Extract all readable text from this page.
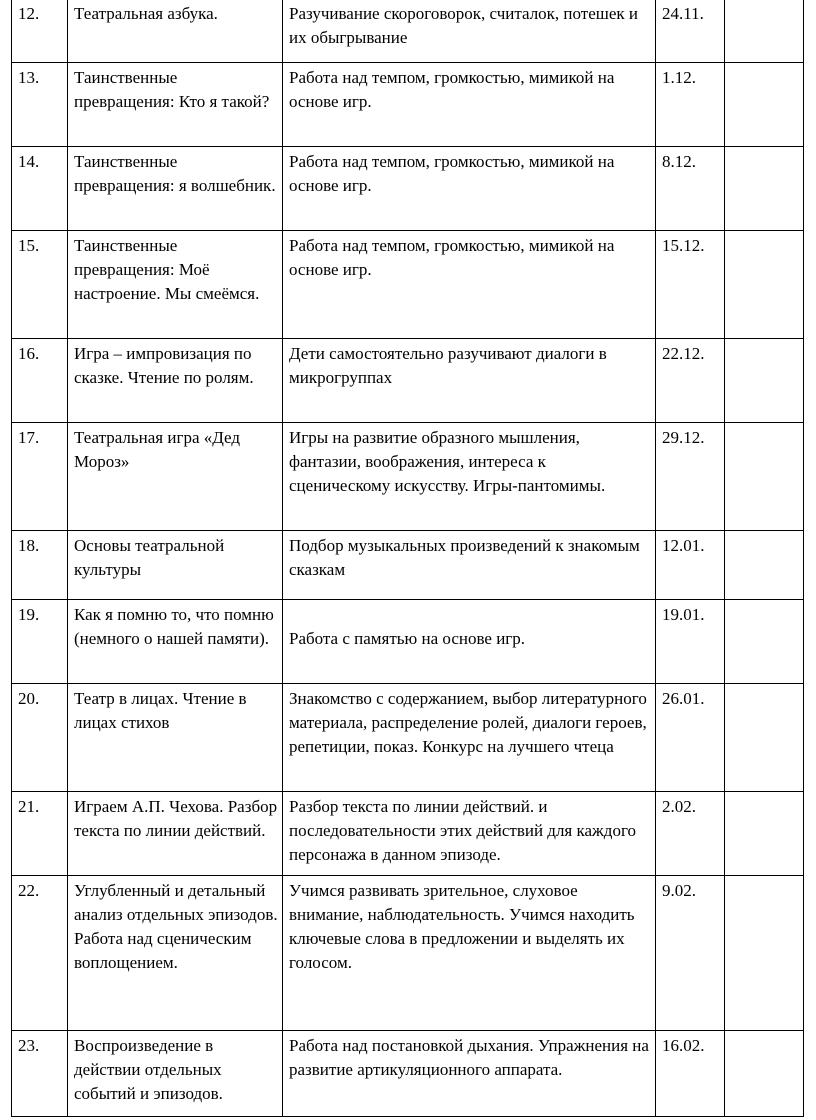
12.	Театральная азбука.	Разучивание скороговорок, считалок, потешек и их обыгрывание	24.11.	
13.	Таинственные превращения: Кто я такой?	Работа над темпом, громкостью, мимикой на основе игр.	1.12.	
14.	Таинственные превращения: я волшебник.	Работа над темпом, громкостью, мимикой на основе игр.	8.12.	
15.	Таинственные превращения: Моё настроение. Мы смеёмся.	Работа над темпом, громкостью, мимикой на основе игр.	15.12.	
16.	Игра – импровизация по сказке. Чтение по ролям.	Дети самостоятельно разучивают диалоги в микрогруппах	22.12.	
17.	Театральная игра «Дед Мороз»	Игры на развитие образного мышления, фантазии, воображения, интереса к сценическому искусству. Игры-пантомимы.	29.12.	
18.	Основы театральной культуры	Подбор музыкальных произведений к знакомым сказкам	12.01.	
19.	Как я помню то, что помню (немного о нашей памяти).	Работа с памятью на основе игр.	19.01.	
20.	Театр в лицах. Чтение в лицах стихов	Знакомство с содержанием, выбор литературного материала, распределение ролей, диалоги героев, репетиции, показ. Конкурс на лучшего чтеца	26.01.	
21.	Играем А.П. Чехова. Разбор текста по линии действий.	Разбор текста по линии действий. и последовательности этих действий для каждого персонажа в данном эпизоде.	2.02.	
22.	Углубленный и детальный анализ отдельных эпизодов. Работа над сценическим воплощением.	Учимся развивать зрительное, слуховое внимание, наблюдательность. Учимся находить ключевые слова в предложении и выделять их голосом.	9.02.	
23.	Воспроизведение в действии отдельных событий и эпизодов.	Работа над постановкой дыхания. Упражнения на развитие артикуляционного аппарата.	16.02.	
